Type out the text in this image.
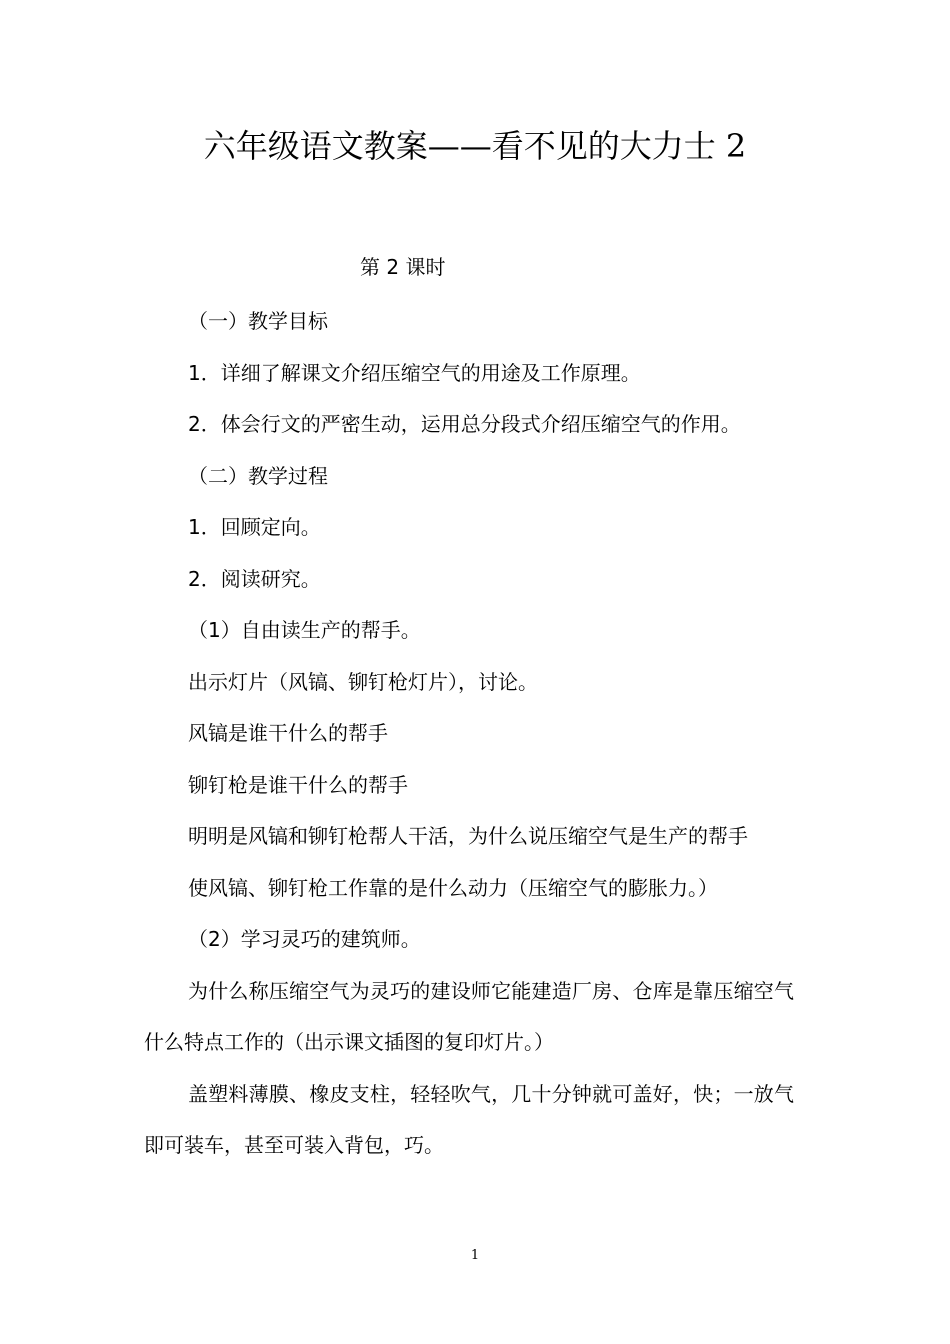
六年级语文教案——看不见的大力士 2

第 2 课时

（一）教学目标

1．详细了解课文介绍压缩空气的用途及工作原理。

2．体会行文的严密生动，运用总分段式介绍压缩空气的作用。

（二）教学过程

1．回顾定向。

2．阅读研究。

（1）自由读生产的帮手。

出示灯片（风镐、铆钉枪灯片），讨论。

风镐是谁干什么的帮手

铆钉枪是谁干什么的帮手

明明是风镐和铆钉枪帮人干活，为什么说压缩空气是生产的帮手

使风镐、铆钉枪工作靠的是什么动力（压缩空气的膨胀力。）

（2）学习灵巧的建筑师。

为什么称压缩空气为灵巧的建设师它能建造厂房、仓库是靠压缩空气什么特点工作的（出示课文插图的复印灯片。）

盖塑料薄膜、橡皮支柱，轻轻吹气，几十分钟就可盖好，快；一放气即可装车，甚至可装入背包，巧。

1
